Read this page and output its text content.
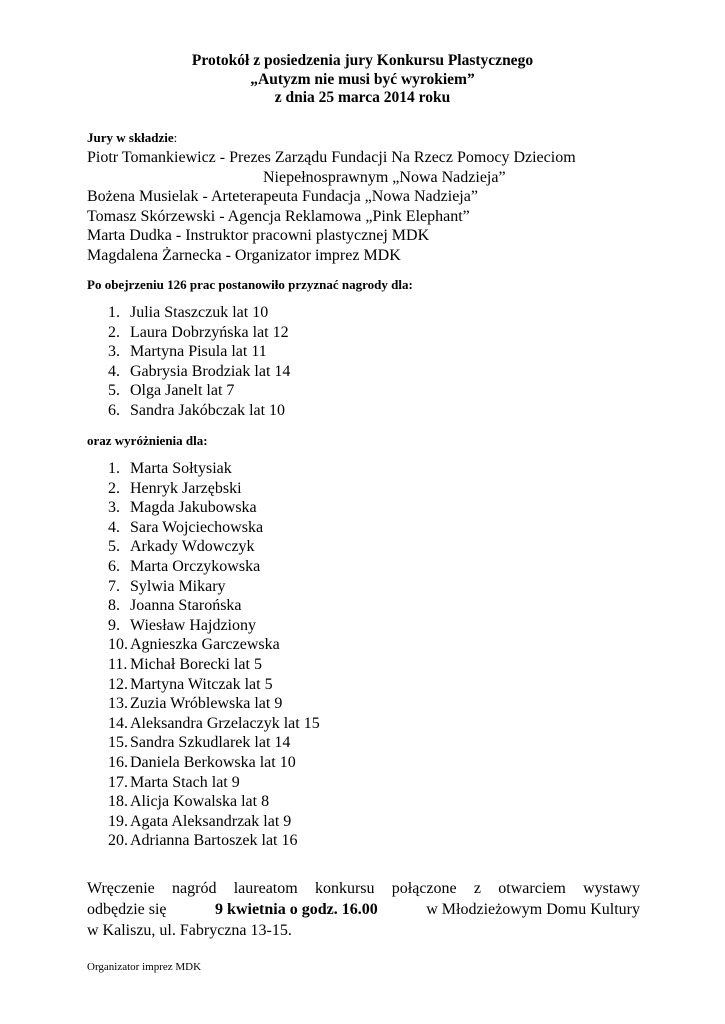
Protokół z posiedzenia jury Konkursu Plastycznego
„Autyzm nie musi być wyrokiem”
z dnia 25 marca 2014 roku
Jury w składzie:
Piotr Tomankiewicz - Prezes Zarządu Fundacji Na Rzecz Pomocy Dzieciom
Niepełnosprawnym „Nowa Nadzieja”
Bożena Musielak - Arteterapeuta Fundacja „Nowa Nadzieja”
Tomasz Skórzewski - Agencja Reklamowa „Pink Elephant”
Marta Dudka - Instruktor pracowni plastycznej MDK
Magdalena Żarnecka - Organizator imprez MDK
Po obejrzeniu 126 prac postanowiło przyznać nagrody dla:
1. Julia Staszczuk lat 10
2. Laura Dobrzyńska lat 12
3. Martyna Pisula lat 11
4. Gabrysia Brodziak lat 14
5. Olga Janelt lat 7
6. Sandra Jakóbczak lat 10
oraz wyróżnienia dla:
1. Marta Sołtysiak
2. Henryk Jarzębski
3. Magda Jakubowska
4. Sara Wojciechowska
5. Arkady Wdowczyk
6. Marta Orczykowska
7. Sylwia Mikary
8. Joanna Starońska
9. Wiesław Hajdziony
10. Agnieszka Garczewska
11. Michał Borecki lat 5
12. Martyna Witczak lat 5
13. Zuzia Wróblewska lat 9
14. Aleksandra Grzelaczyk lat 15
15. Sandra Szkudlarek lat 14
16. Daniela Berkowska lat 10
17. Marta Stach lat 9
18. Alicja Kowalska lat 8
19. Agata Aleksandrzak lat 9
20. Adrianna Bartoszek lat 16
Wręczenie nagród laureatom konkursu połączone z otwarciem wystawy
odbędzie się	9 kwietnia o godz. 16.00	w Młodzieżowym Domu Kultury
w Kaliszu, ul. Fabryczna 13-15.
Organizator imprez MDK
